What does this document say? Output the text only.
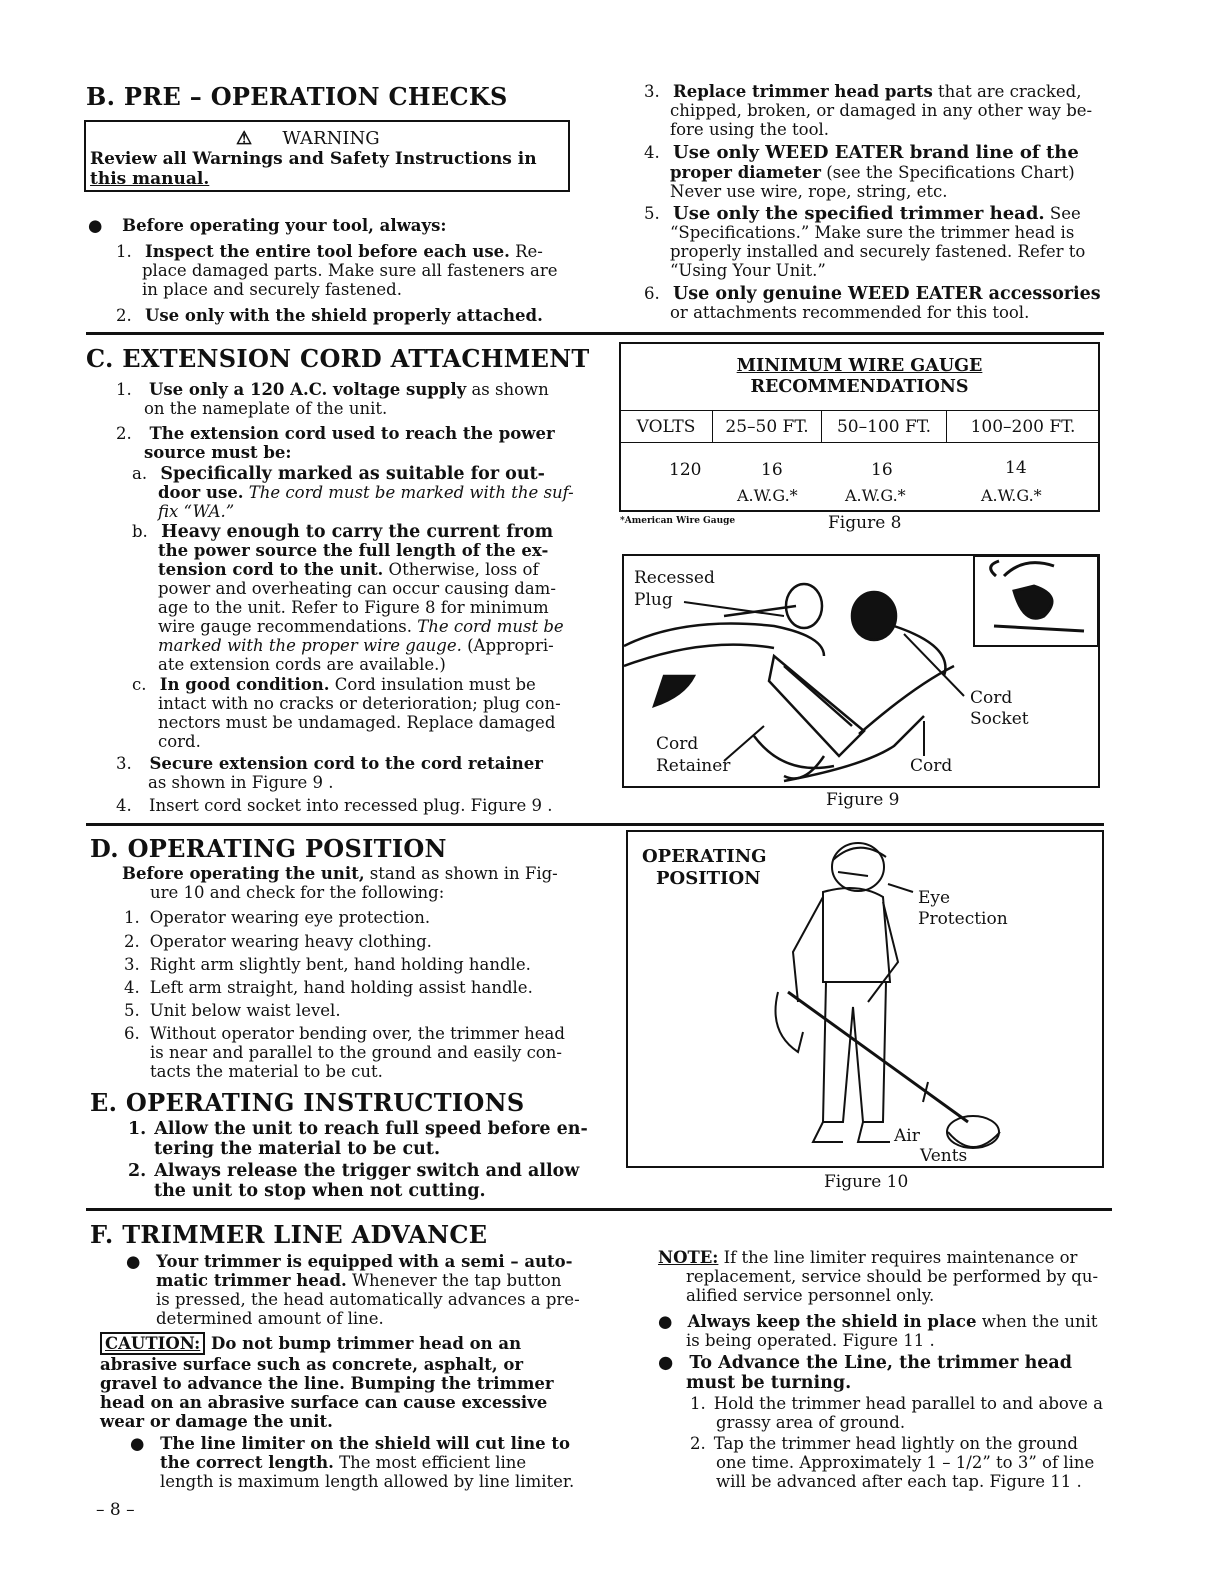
B. PRE – OPERATION CHECKS
⚠ WARNING
Review all Warnings and Safety Instructions in
this manual.
● Before operating your tool, always:
1. Inspect the entire tool before each use. Re-
place damaged parts. Make sure all fasteners are
in place and securely fastened.
2. Use only with the shield properly attached.
3. Replace trimmer head parts that are cracked,
chipped, broken, or damaged in any other way be-
fore using the tool.
4. Use only WEED EATER brand line of the
proper diameter (see the Specifications Chart)
Never use wire, rope, string, etc.
5. Use only the specified trimmer head. See
“Specifications.” Make sure the trimmer head is
properly installed and securely fastened. Refer to
“Using Your Unit.”
6. Use only genuine WEED EATER accessories
or attachments recommended for this tool.
C. EXTENSION CORD ATTACHMENT
1. Use only a 120 A.C. voltage supply as shown
on the nameplate of the unit.
2. The extension cord used to reach the power
source must be:
a. Specifically marked as suitable for out-
door use. The cord must be marked with the suf-
fix “WA.”
b. Heavy enough to carry the current from
the power source the full length of the ex-
tension cord to the unit. Otherwise, loss of
power and overheating can occur causing dam-
age to the unit. Refer to Figure 8 for minimum
wire gauge recommendations. The cord must be
marked with the proper wire gauge. (Appropri-
ate extension cords are available.)
c. In good condition. Cord insulation must be
intact with no cracks or deterioration; plug con-
nectors must be undamaged. Replace damaged
cord.
3. Secure extension cord to the cord retainer
as shown in Figure 9 .
4. Insert cord socket into recessed plug. Figure 9 .
MINIMUM WIRE GAUGE
RECOMMENDATIONS
VOLTS	25–50 FT.	50–100 FT.	100–200 FT.
120	16	16	14
A.W.G.*	A.W.G.*	A.W.G.*
*American Wire Gauge	Figure 8
Recessed
Plug
Cord
Socket
Cord
Retainer	Cord
Figure 9
D. OPERATING POSITION
Before operating the unit, stand as shown in Fig-
ure 10 and check for the following:
1. Operator wearing eye protection.
2. Operator wearing heavy clothing.
3. Right arm slightly bent, hand holding handle.
4. Left arm straight, hand holding assist handle.
5. Unit below waist level.
6. Without operator bending over, the trimmer head
is near and parallel to the ground and easily con-
tacts the material to be cut.
E. OPERATING INSTRUCTIONS
1. Allow the unit to reach full speed before en-
tering the material to be cut.
2. Always release the trigger switch and allow
the unit to stop when not cutting.
OPERATING
POSITION
Eye
Protection
Air
Vents
Figure 10
F. TRIMMER LINE ADVANCE
● Your trimmer is equipped with a semi – auto-
matic trimmer head. Whenever the tap button
is pressed, the head automatically advances a pre-
determined amount of line.
CAUTION: Do not bump trimmer head on an
abrasive surface such as concrete, asphalt, or
gravel to advance the line. Bumping the trimmer
head on an abrasive surface can cause excessive
wear or damage the unit.
● The line limiter on the shield will cut line to
the correct length. The most efficient line
length is maximum length allowed by line limiter.
– 8 –
NOTE: If the line limiter requires maintenance or
replacement, service should be performed by qu-
alified service personnel only.
● Always keep the shield in place when the unit
is being operated. Figure 11 .
● To Advance the Line, the trimmer head
must be turning.
1. Hold the trimmer head parallel to and above a
grassy area of ground.
2. Tap the trimmer head lightly on the ground
one time. Approximately 1 – 1/2” to 3” of line
will be advanced after each tap. Figure 11 .
